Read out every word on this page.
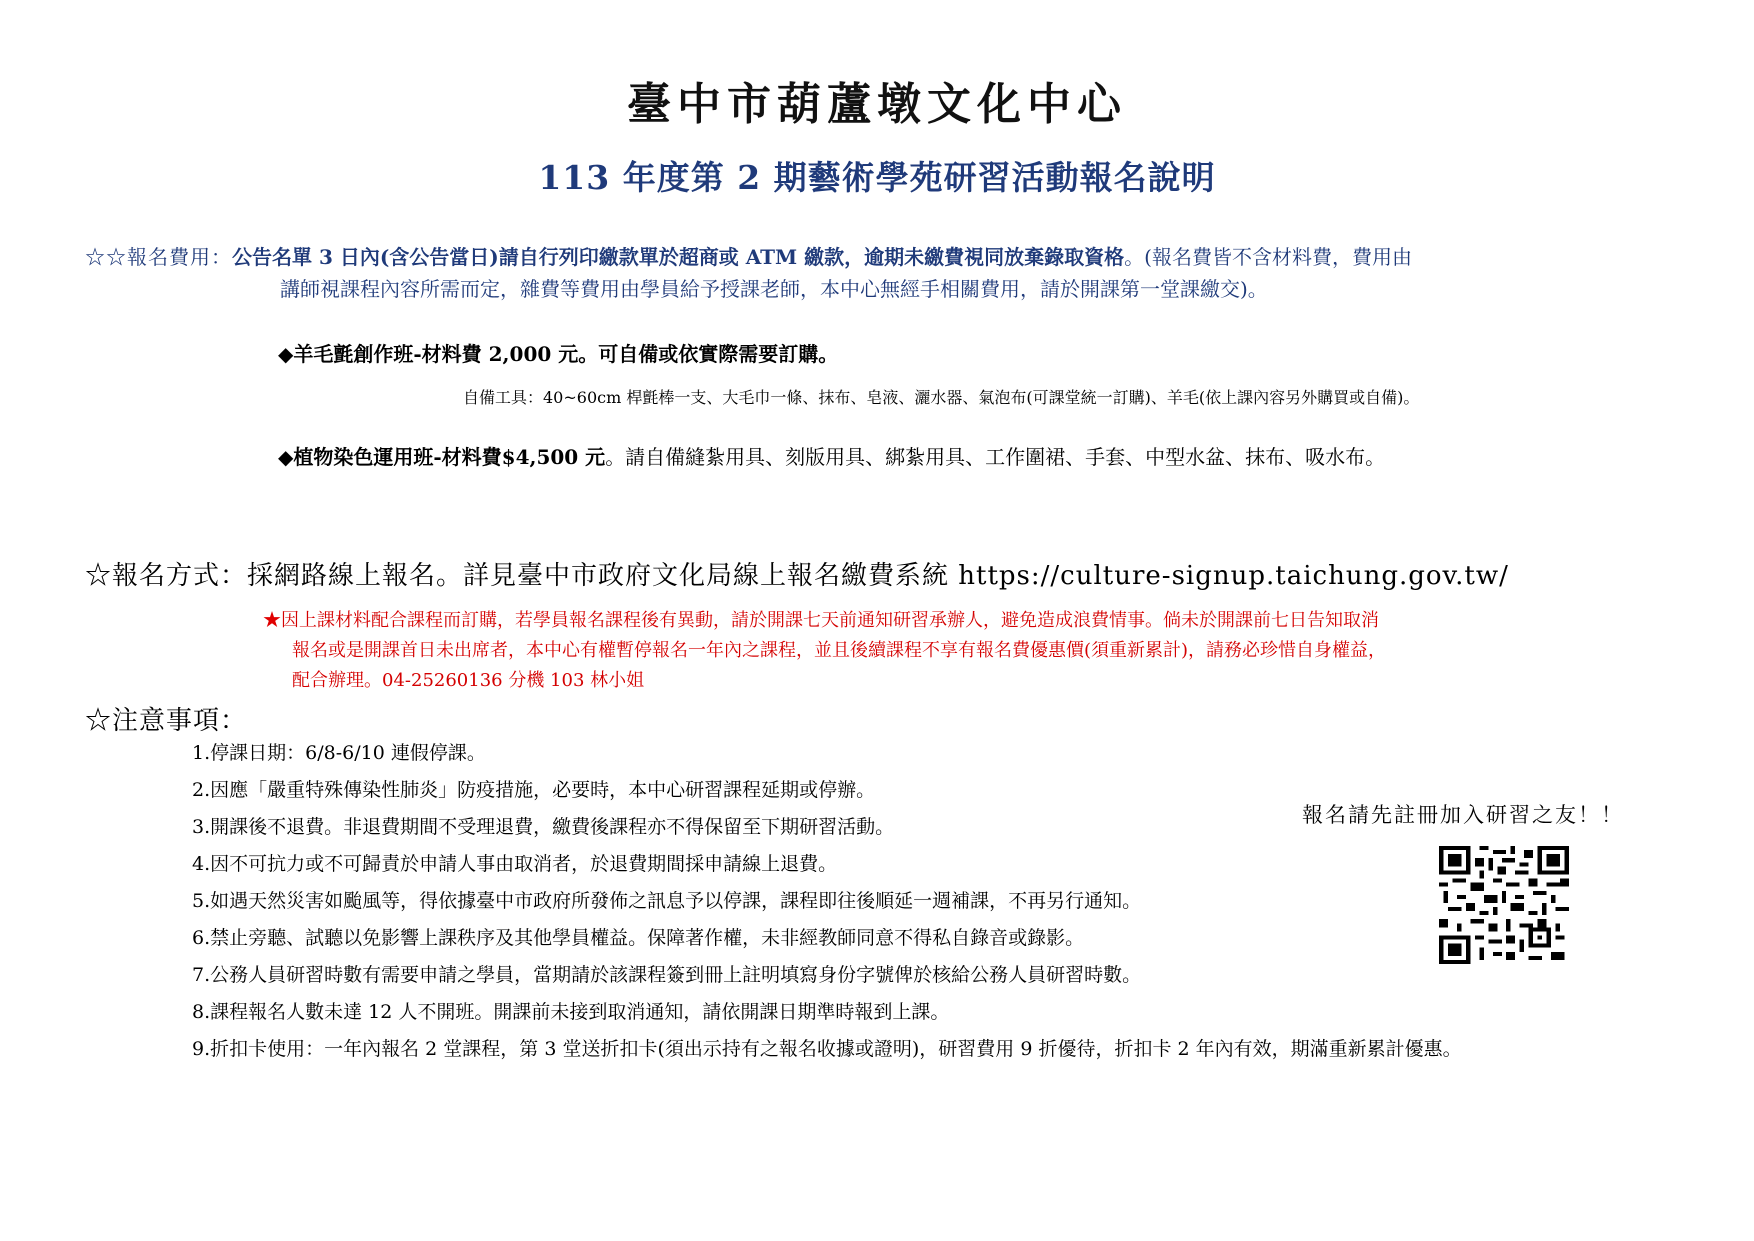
臺中市葫蘆墩文化中心
113 年度第 2 期藝術學苑研習活動報名說明
☆☆報名費用：公告名單 3 日內(含公告當日)請自行列印繳款單於超商或 ATM 繳款，逾期未繳費視同放棄錄取資格。(報名費皆不含材料費，費用由
講師視課程內容所需而定，雜費等費用由學員給予授課老師，本中心無經手相關費用，請於開課第一堂課繳交)。
◆羊毛氈創作班-材料費 2,000 元。可自備或依實際需要訂購。
自備工具：40~60cm 桿氈棒一支、大毛巾一條、抹布、皂液、灑水器、氣泡布(可課堂統一訂購)、羊毛(依上課內容另外購買或自備)。
◆植物染色運用班-材料費$4,500 元。請自備縫紮用具、刻版用具、綁紮用具、工作圍裙、手套、中型水盆、抹布、吸水布。
☆報名方式：採網路線上報名。詳見臺中市政府文化局線上報名繳費系統 https://culture-signup.taichung.gov.tw/
★因上課材料配合課程而訂購，若學員報名課程後有異動，請於開課七天前通知研習承辦人，避免造成浪費情事。倘未於開課前七日告知取消
報名或是開課首日未出席者，本中心有權暫停報名一年內之課程，並且後續課程不享有報名費優惠價(須重新累計)，請務必珍惜自身權益，
配合辦理。04-25260136 分機 103 林小姐
☆注意事項：
1.停課日期：6/8-6/10 連假停課。
2.因應「嚴重特殊傳染性肺炎」防疫措施，必要時，本中心研習課程延期或停辦。
3.開課後不退費。非退費期間不受理退費，繳費後課程亦不得保留至下期研習活動。
4.因不可抗力或不可歸責於申請人事由取消者，於退費期間採申請線上退費。
5.如遇天然災害如颱風等，得依據臺中市政府所發佈之訊息予以停課，課程即往後順延一週補課，不再另行通知。
6.禁止旁聽、試聽以免影響上課秩序及其他學員權益。保障著作權，未非經教師同意不得私自錄音或錄影。
7.公務人員研習時數有需要申請之學員，當期請於該課程簽到冊上註明填寫身份字號俾於核給公務人員研習時數。
8.課程報名人數未達 12 人不開班。開課前未接到取消通知，請依開課日期準時報到上課。
9.折扣卡使用：一年內報名 2 堂課程，第 3 堂送折扣卡(須出示持有之報名收據或證明)，研習費用 9 折優待，折扣卡 2 年內有效，期滿重新累計優惠。
報名請先註冊加入研習之友！！
